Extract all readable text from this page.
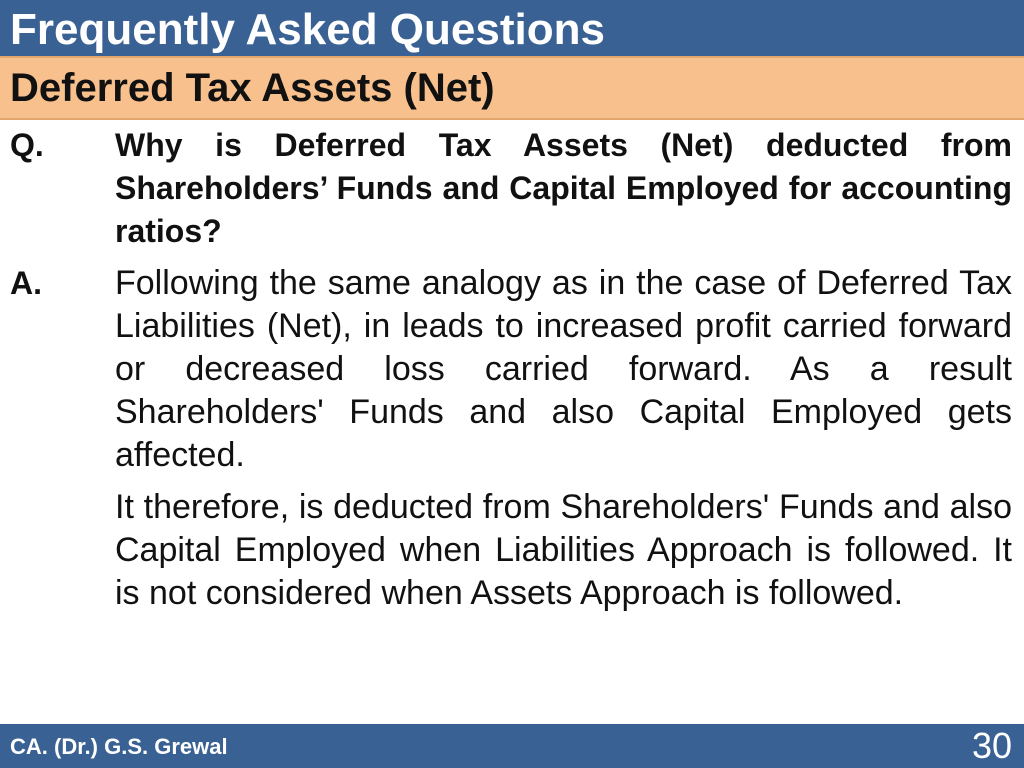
Frequently Asked Questions
Deferred Tax Assets (Net)
Q.	Why is Deferred Tax Assets (Net) deducted from Shareholders’ Funds and Capital Employed for accounting ratios?

A.	Following the same analogy as in the case of Deferred Tax Liabilities (Net), in leads to increased profit carried forward or decreased loss carried forward. As a result Shareholders' Funds and also Capital Employed gets affected.

It therefore, is deducted from Shareholders' Funds and also Capital Employed when Liabilities Approach is followed. It is not considered when Assets Approach is followed.

CA. (Dr.) G.S. Grewal	30
